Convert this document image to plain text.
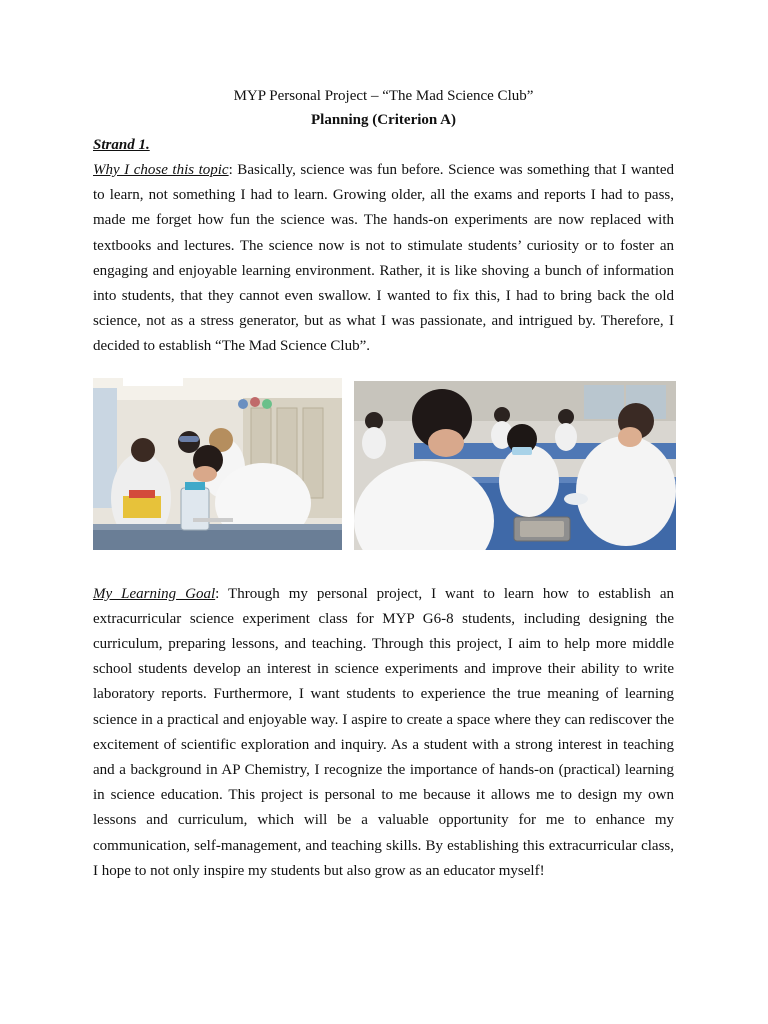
MYP Personal Project – “The Mad Science Club”

Planning (Criterion A)

Strand 1.

Why I chose this topic: Basically, science was fun before. Science was something that I wanted to learn, not something I had to learn. Growing older, all the exams and reports I had to pass, made me forget how fun the science was. The hands-on experiments are now replaced with textbooks and lectures. The science now is not to stimulate students’ curiosity or to foster an engaging and enjoyable learning environment. Rather, it is like shoving a bunch of information into students, that they cannot even swallow. I wanted to fix this, I had to bring back the old science, not as a stress generator, but as what I was passionate, and intrigued by. Therefore, I decided to establish “The Mad Science Club”.

My Learning Goal: Through my personal project, I want to learn how to establish an extracurricular science experiment class for MYP G6-8 students, including designing the curriculum, preparing lessons, and teaching. Through this project, I aim to help more middle school students develop an interest in science experiments and improve their ability to write laboratory reports. Furthermore, I want students to experience the true meaning of learning science in a practical and enjoyable way. I aspire to create a space where they can rediscover the excitement of scientific exploration and inquiry. As a student with a strong interest in teaching and a background in AP Chemistry, I recognize the importance of hands-on (practical) learning in science education. This project is personal to me because it allows me to design my own lessons and curriculum, which will be a valuable opportunity for me to enhance my communication, self-management, and teaching skills. By establishing this extracurricular class, I hope to not only inspire my students but also grow as an educator myself!
